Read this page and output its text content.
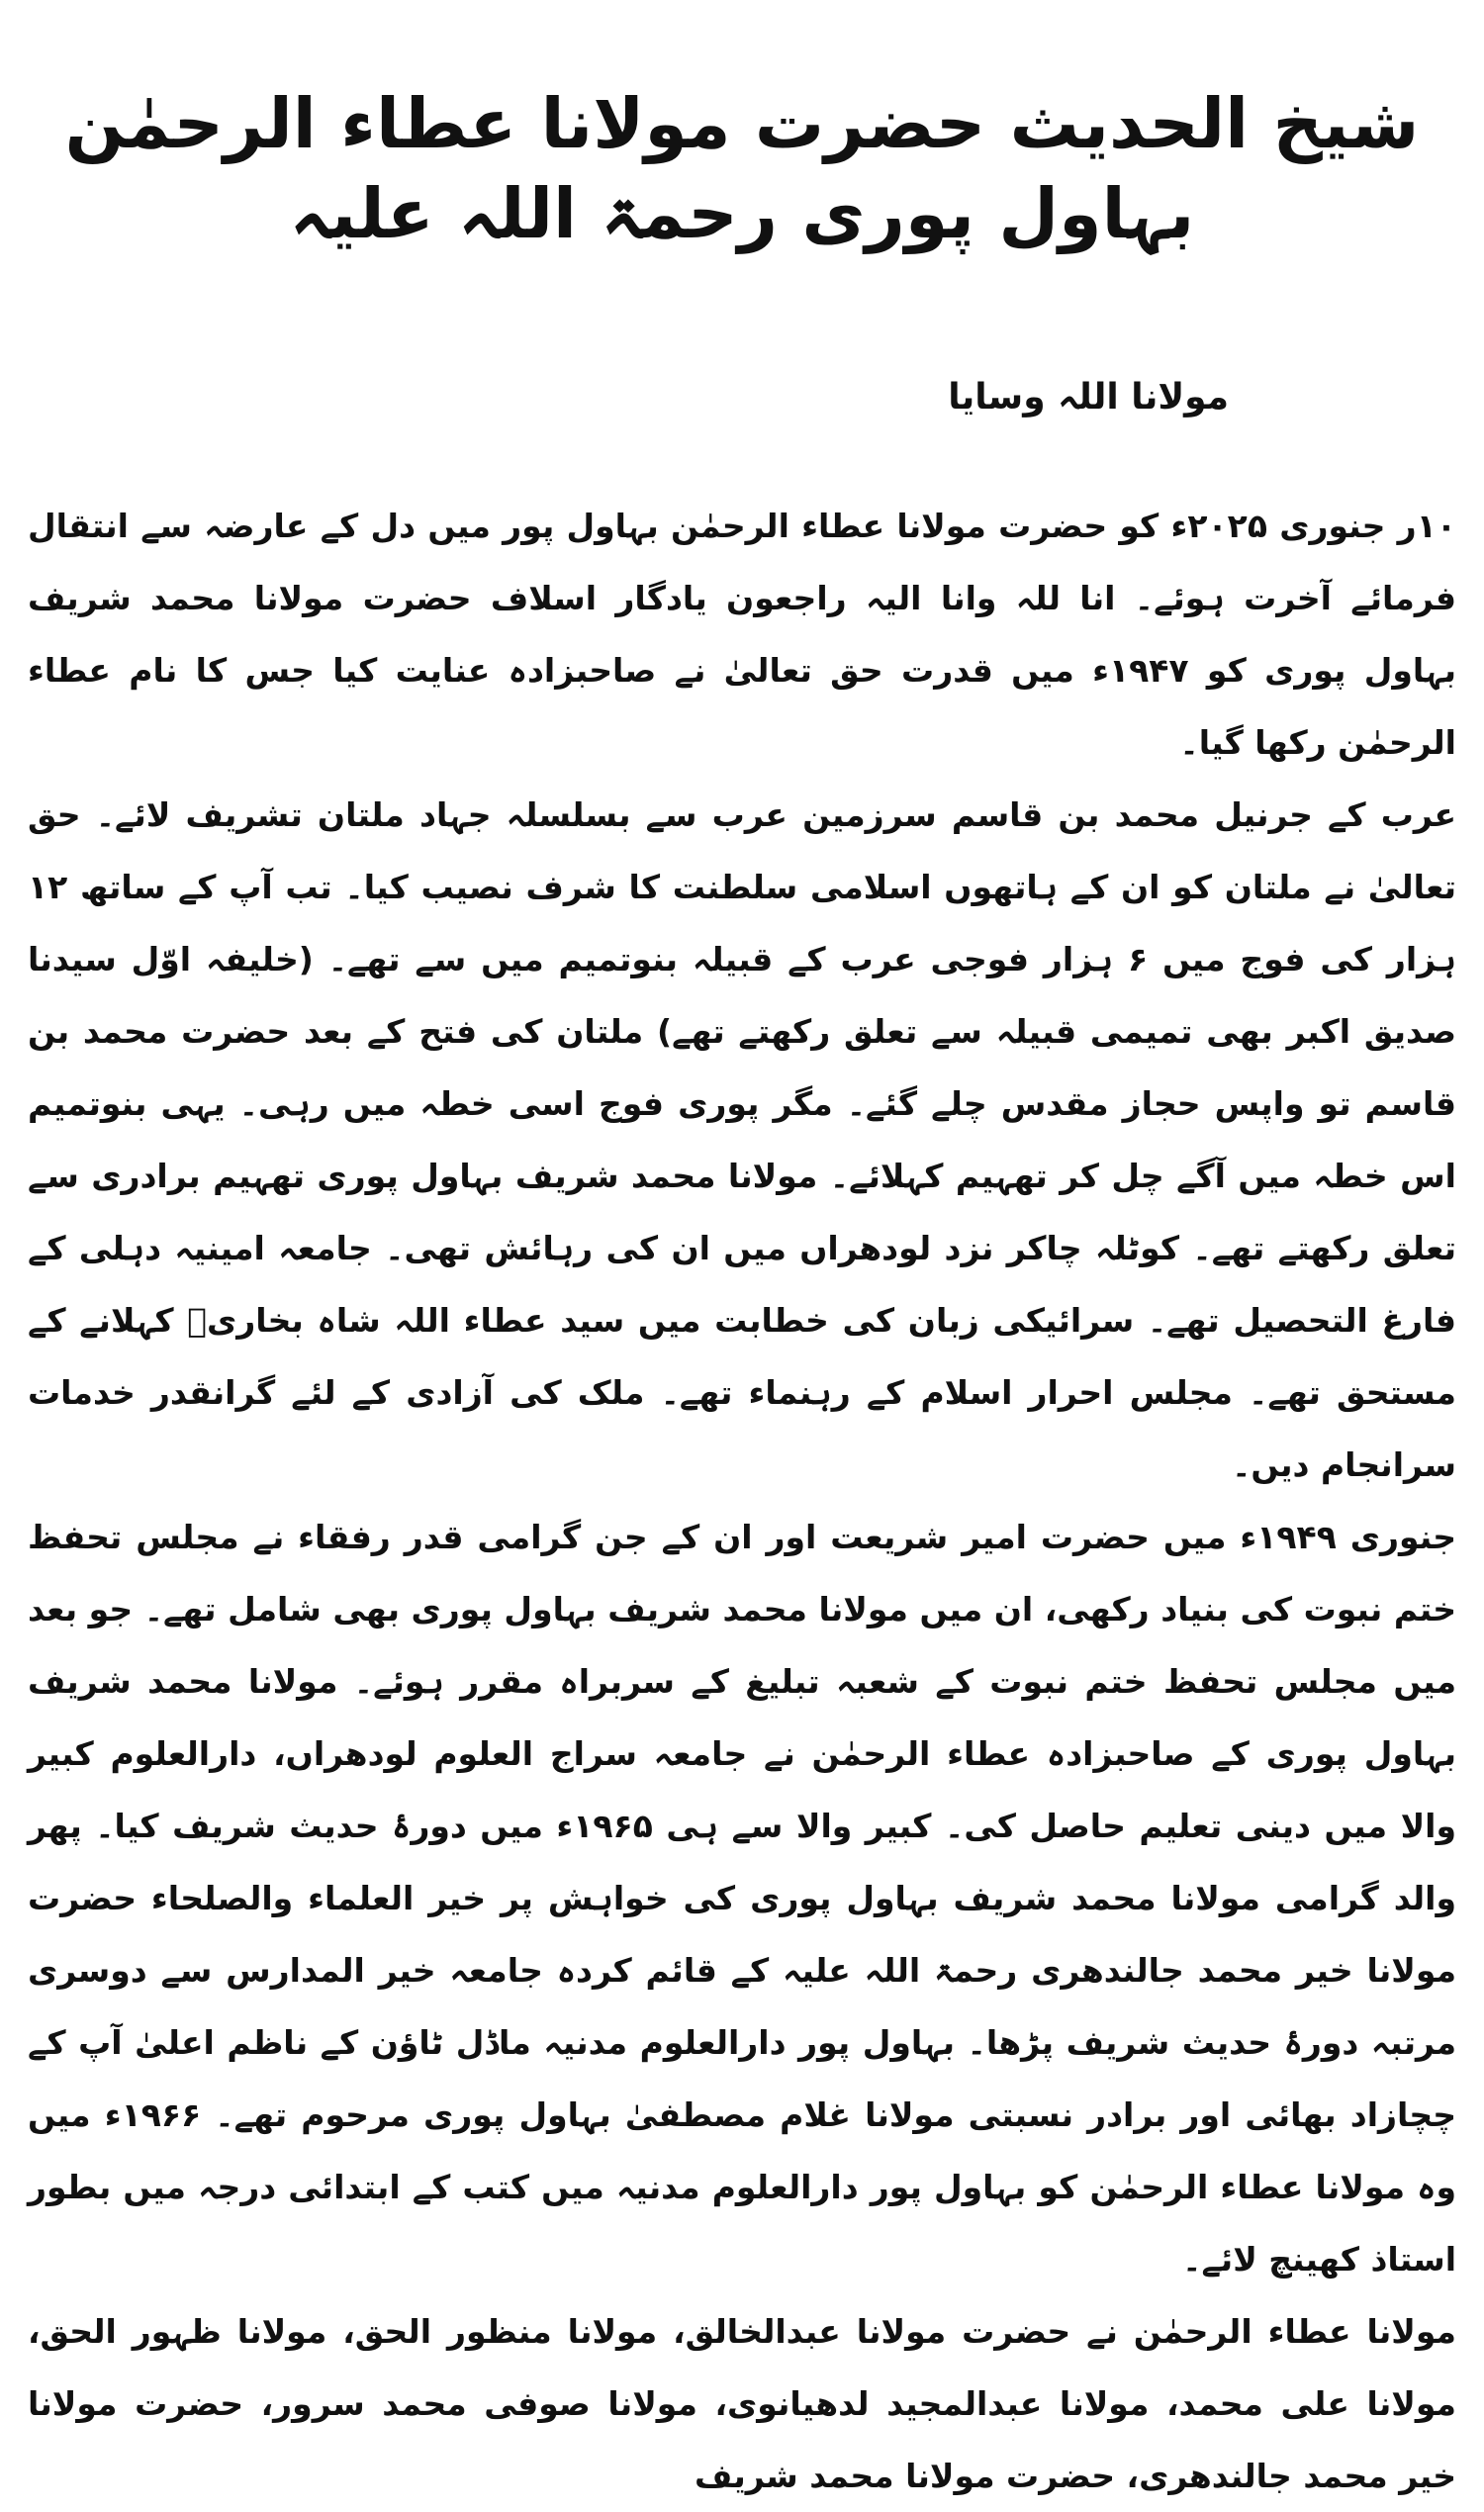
شیخ الحدیث حضرت مولانا عطاء الرحمٰن بہاول پوری رحمۃ اللہ علیہ
مولانا اللہ وسایا

۱۰ر جنوری ۲۰۲۵ء کو حضرت مولانا عطاء الرحمٰن بہاول پور میں دل کے عارضہ سے انتقال فرمائے آخرت ہوئے۔ انا للہ وانا الیہ راجعون یادگار اسلاف حضرت مولانا محمد شریف بہاول پوری کو ۱۹۴۷ء میں قدرت حق تعالیٰ نے صاحبزادہ عنایت کیا جس کا نام عطاء الرحمٰن رکھا گیا۔

عرب کے جرنیل محمد بن قاسم سرزمین عرب سے بسلسلہ جہاد ملتان تشریف لائے۔ حق تعالیٰ نے ملتان کو ان کے ہاتھوں اسلامی سلطنت کا شرف نصیب کیا۔ تب آپ کے ساتھ ۱۲ ہزار کی فوج میں ۶ ہزار فوجی عرب کے قبیلہ بنوتمیم میں سے تھے۔ (خلیفہ اوّل سیدنا صدیق اکبر بھی تمیمی قبیلہ سے تعلق رکھتے تھے) ملتان کی فتح کے بعد حضرت محمد بن قاسم تو واپس حجاز مقدس چلے گئے۔ مگر پوری فوج اسی خطہ میں رہی۔ یہی بنوتمیم اس خطہ میں آگے چل کر تھہیم کہلائے۔ مولانا محمد شریف بہاول پوری تھہیم برادری سے تعلق رکھتے تھے۔ کوٹلہ چاکر نزد لودھراں میں ان کی رہائش تھی۔ جامعہ امینیہ دہلی کے فارغ التحصیل تھے۔ سرائیکی زبان کی خطابت میں سید عطاء اللہ شاہ بخاریؒ کہلانے کے مستحق تھے۔ مجلس احرار اسلام کے رہنماء تھے۔ ملک کی آزادی کے لئے گرانقدر خدمات سرانجام دیں۔

جنوری ۱۹۴۹ء میں حضرت امیر شریعت اور ان کے جن گرامی قدر رفقاء نے مجلس تحفظ ختم نبوت کی بنیاد رکھی، ان میں مولانا محمد شریف بہاول پوری بھی شامل تھے۔ جو بعد میں مجلس تحفظ ختم نبوت کے شعبہ تبلیغ کے سربراہ مقرر ہوئے۔ مولانا محمد شریف بہاول پوری کے صاحبزادہ عطاء الرحمٰن نے جامعہ سراج العلوم لودھراں، دارالعلوم کبیر والا میں دینی تعلیم حاصل کی۔ کبیر والا سے ہی ۱۹۶۵ء میں دورۂ حدیث شریف کیا۔ پھر والد گرامی مولانا محمد شریف بہاول پوری کی خواہش پر خیر العلماء والصلحاء حضرت مولانا خیر محمد جالندھری رحمۃ اللہ علیہ کے قائم کردہ جامعہ خیر المدارس سے دوسری مرتبہ دورۂ حدیث شریف پڑھا۔ بہاول پور دارالعلوم مدنیہ ماڈل ٹاؤن کے ناظم اعلیٰ آپ کے چچازاد بھائی اور برادر نسبتی مولانا غلام مصطفیٰ بہاول پوری مرحوم تھے۔ ۱۹۶۶ء میں وہ مولانا عطاء الرحمٰن کو بہاول پور دارالعلوم مدنیہ میں کتب کے ابتدائی درجہ میں بطور استاذ کھینچ لائے۔

مولانا عطاء الرحمٰن نے حضرت مولانا عبدالخالق، مولانا منظور الحق، مولانا ظہور الحق، مولانا علی محمد، مولانا عبدالمجید لدھیانوی، مولانا صوفی محمد سرور، حضرت مولانا خیر محمد جالندھری، حضرت مولانا محمد شریف
